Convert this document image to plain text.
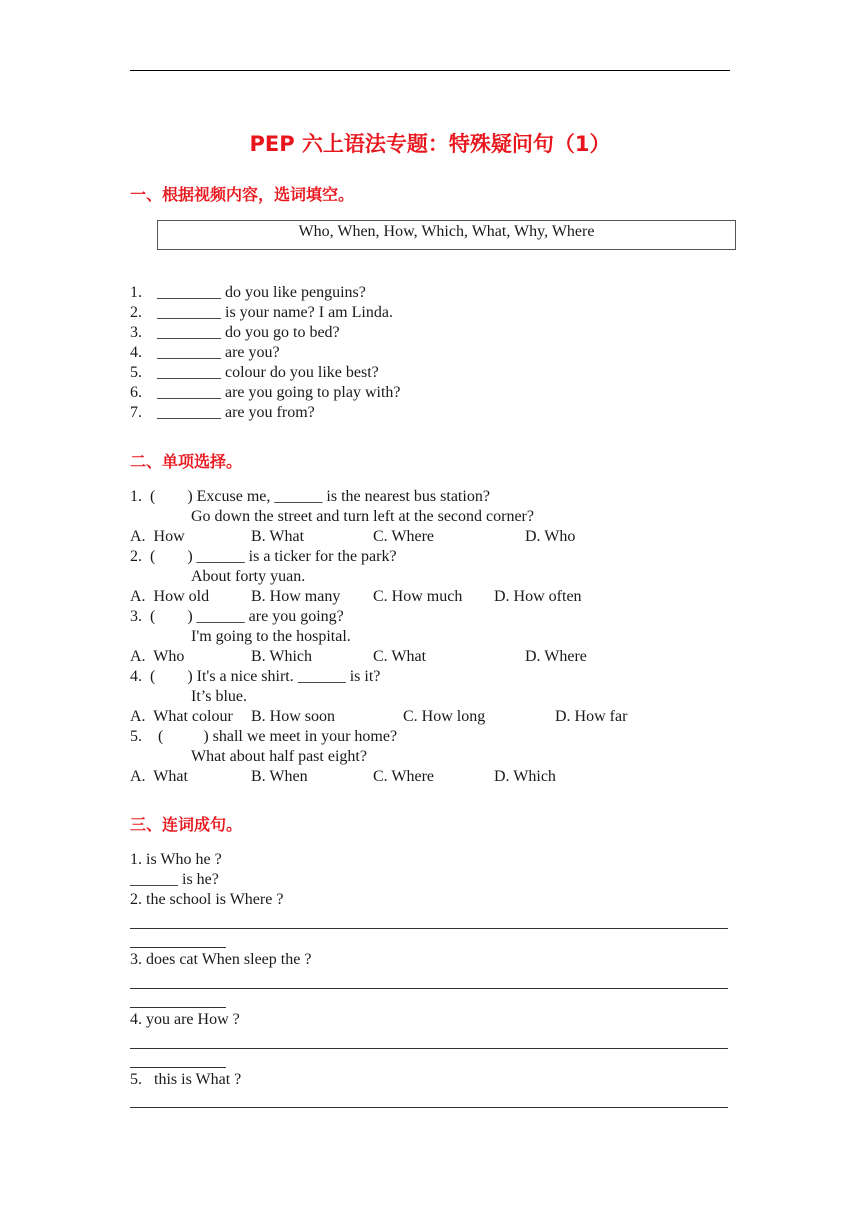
PEP 六上语法专题：特殊疑问句（1）
一、根据视频内容，选词填空。
Who, When, How, Which, What, Why, Where
1. ________ do you like penguins?
2. ________ is your name? I am Linda.
3. ________ do you go to bed?
4. ________ are you?
5. ________ colour do you like best?
6. ________ are you going to play with?
7. ________ are you from?
二、单项选择。
1.  (        ) Excuse me, ______ is the nearest bus station?
Go down the street and turn left at the second corner?
A.  How	B. What	C. Where	D. Who
2.  (        ) ______ is a ticker for the park?
About forty yuan.
A.  How old	B. How many C. How much D. How often
3.  (        ) ______ are you going?
I'm going to the hospital.
A.  Who	B. Which	C. What	D. Where
4.  (        ) It's a nice shirt. ______ is it?
It’s blue.
A.  What colour B. How soon	C. How long	D. How far
5.    (          ) shall we meet in your home?
What about half past eight?
A.  What	B. When	C. Where	D. Which
三、连词成句。
1. is Who he ?
______ is he?
2. the school is Where ?
3. does cat When sleep the ?
4. you are How ?
5.   this is What ?
